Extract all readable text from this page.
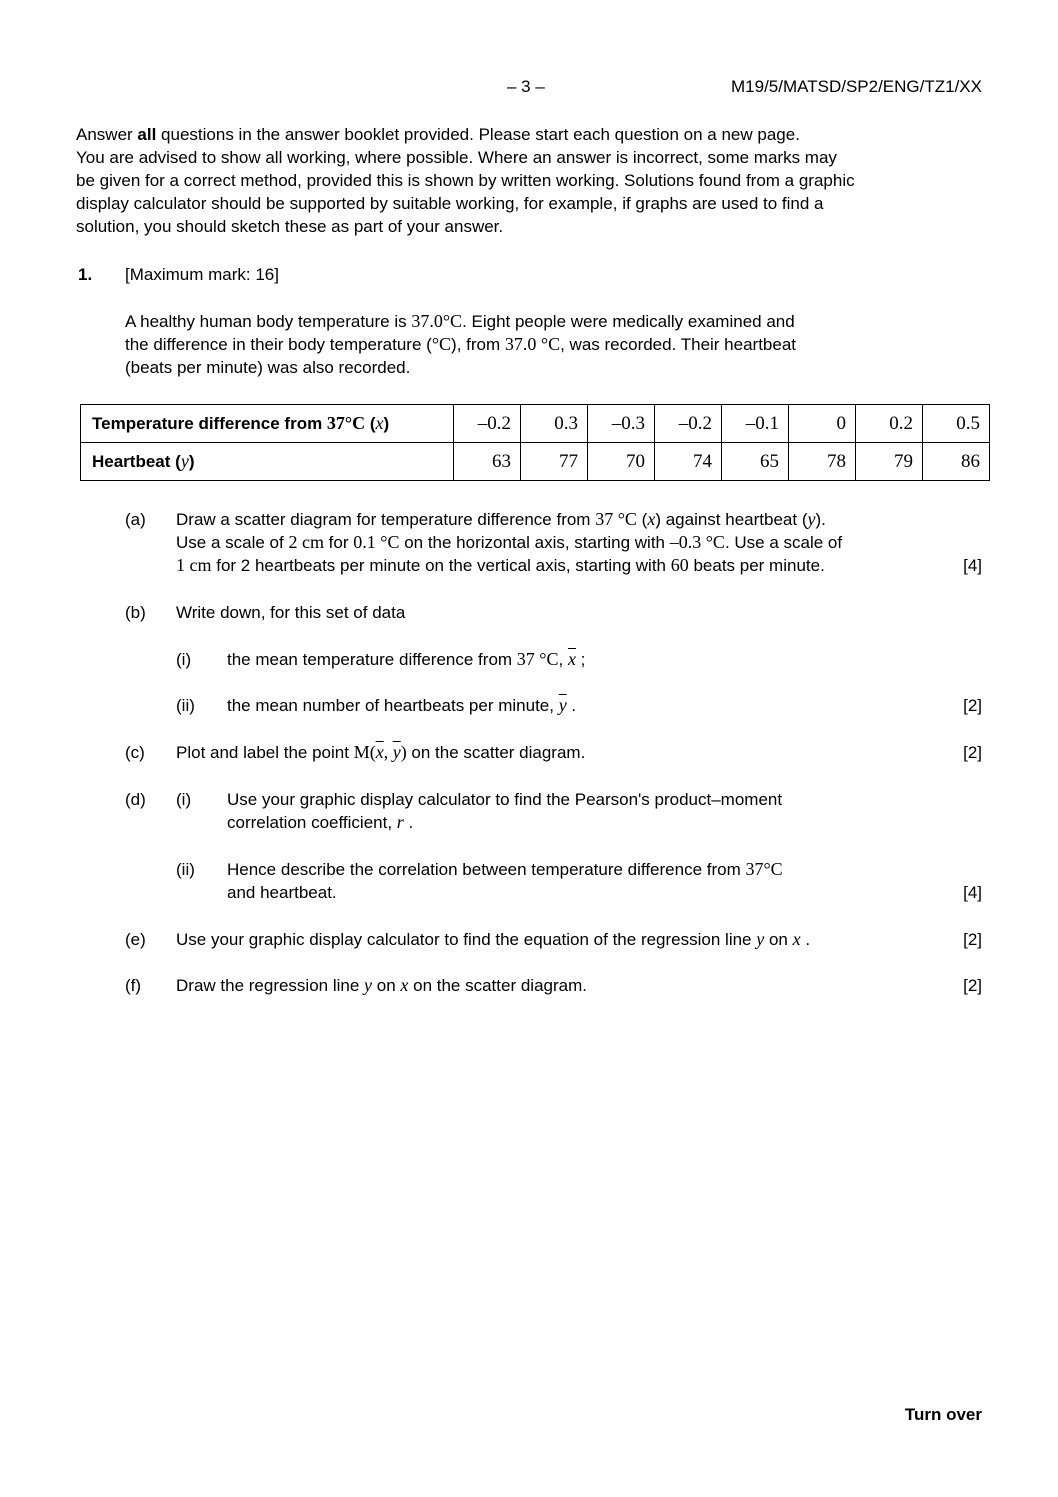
– 3 –	M19/5/MATSD/SP2/ENG/TZ1/XX
Answer all questions in the answer booklet provided. Please start each question on a new page.
You are advised to show all working, where possible. Where an answer is incorrect, some marks may
be given for a correct method, provided this is shown by written working. Solutions found from a graphic
display calculator should be supported by suitable working, for example, if graphs are used to find a
solution, you should sketch these as part of your answer.
1. [Maximum mark: 16]
A healthy human body temperature is 37.0°C. Eight people were medically examined and
the difference in their body temperature (°C), from 37.0 °C, was recorded. Their heartbeat
(beats per minute) was also recorded.
Temperature difference from 37°C (x)	–0.2	0.3	–0.3	–0.2	–0.1	0	0.2	0.5
Heartbeat (y)	63	77	70	74	65	78	79	86
(a) Draw a scatter diagram for temperature difference from 37 °C (x) against heartbeat (y).
Use a scale of 2 cm for 0.1 °C on the horizontal axis, starting with –0.3 °C. Use a scale of
1 cm for 2 heartbeats per minute on the vertical axis, starting with 60 beats per minute.	[4]
(b) Write down, for this set of data
(i) the mean temperature difference from 37 °C, $\overline{x}$ ;
(ii) the mean number of heartbeats per minute, $\overline{y}$ .	[2]
(c) Plot and label the point $M(\overline{x}$, $\overline{y}$) on the scatter diagram.	[2]
(d) (i) Use your graphic display calculator to find the Pearson's product–moment
correlation coefficient, r .
(ii) Hence describe the correlation between temperature difference from 37°C
and heartbeat.	[4]
(e) Use your graphic display calculator to find the equation of the regression line y on x .	[2]
(f) Draw the regression line y on x on the scatter diagram.	[2]
Turn over
